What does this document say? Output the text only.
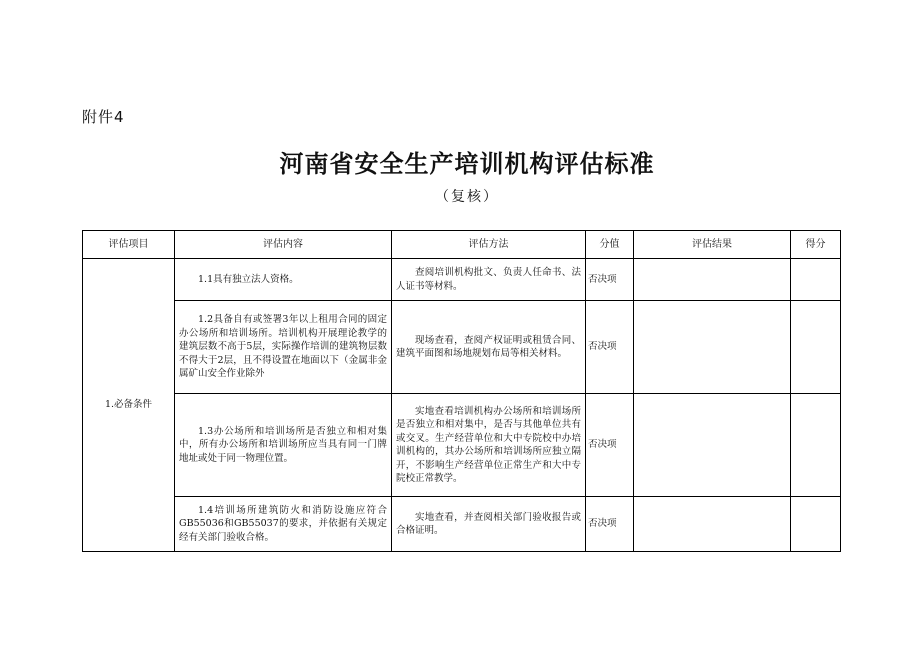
附件4
河南省安全生产培训机构评估标准
（复核）
评估项目	评估内容	评估方法	分值	评估结果	得分
1.必备条件	1.1具有独立法人资格。	查阅培训机构批文、负责人任命书、法人证书等材料。	否决项		
	1.2具备自有或签署3年以上租用合同的固定办公场所和培训场所。培训机构开展理论教学的建筑层数不高于5层，实际操作培训的建筑物层数不得大于2层，且不得设置在地面以下（金属非金属矿山安全作业除外	现场查看，查阅产权证明或租赁合同、建筑平面图和场地规划布局等相关材料。	否决项		
	1.3办公场所和培训场所是否独立和相对集中，所有办公场所和培训场所应当具有同一门牌地址或处于同一物理位置。	实地查看培训机构办公场所和培训场所是否独立和相对集中，是否与其他单位共有或交叉。生产经营单位和大中专院校中办培训机构的，其办公场所和培训场所应独立隔开，不影响生产经营单位正常生产和大中专院校正常教学。	否决项		
	1.4培训场所建筑防火和消防设施应符合GB55036和GB55037的要求，并依据有关规定经有关部门验收合格。	实地查看，并查阅相关部门验收报告或合格证明。	否决项		
